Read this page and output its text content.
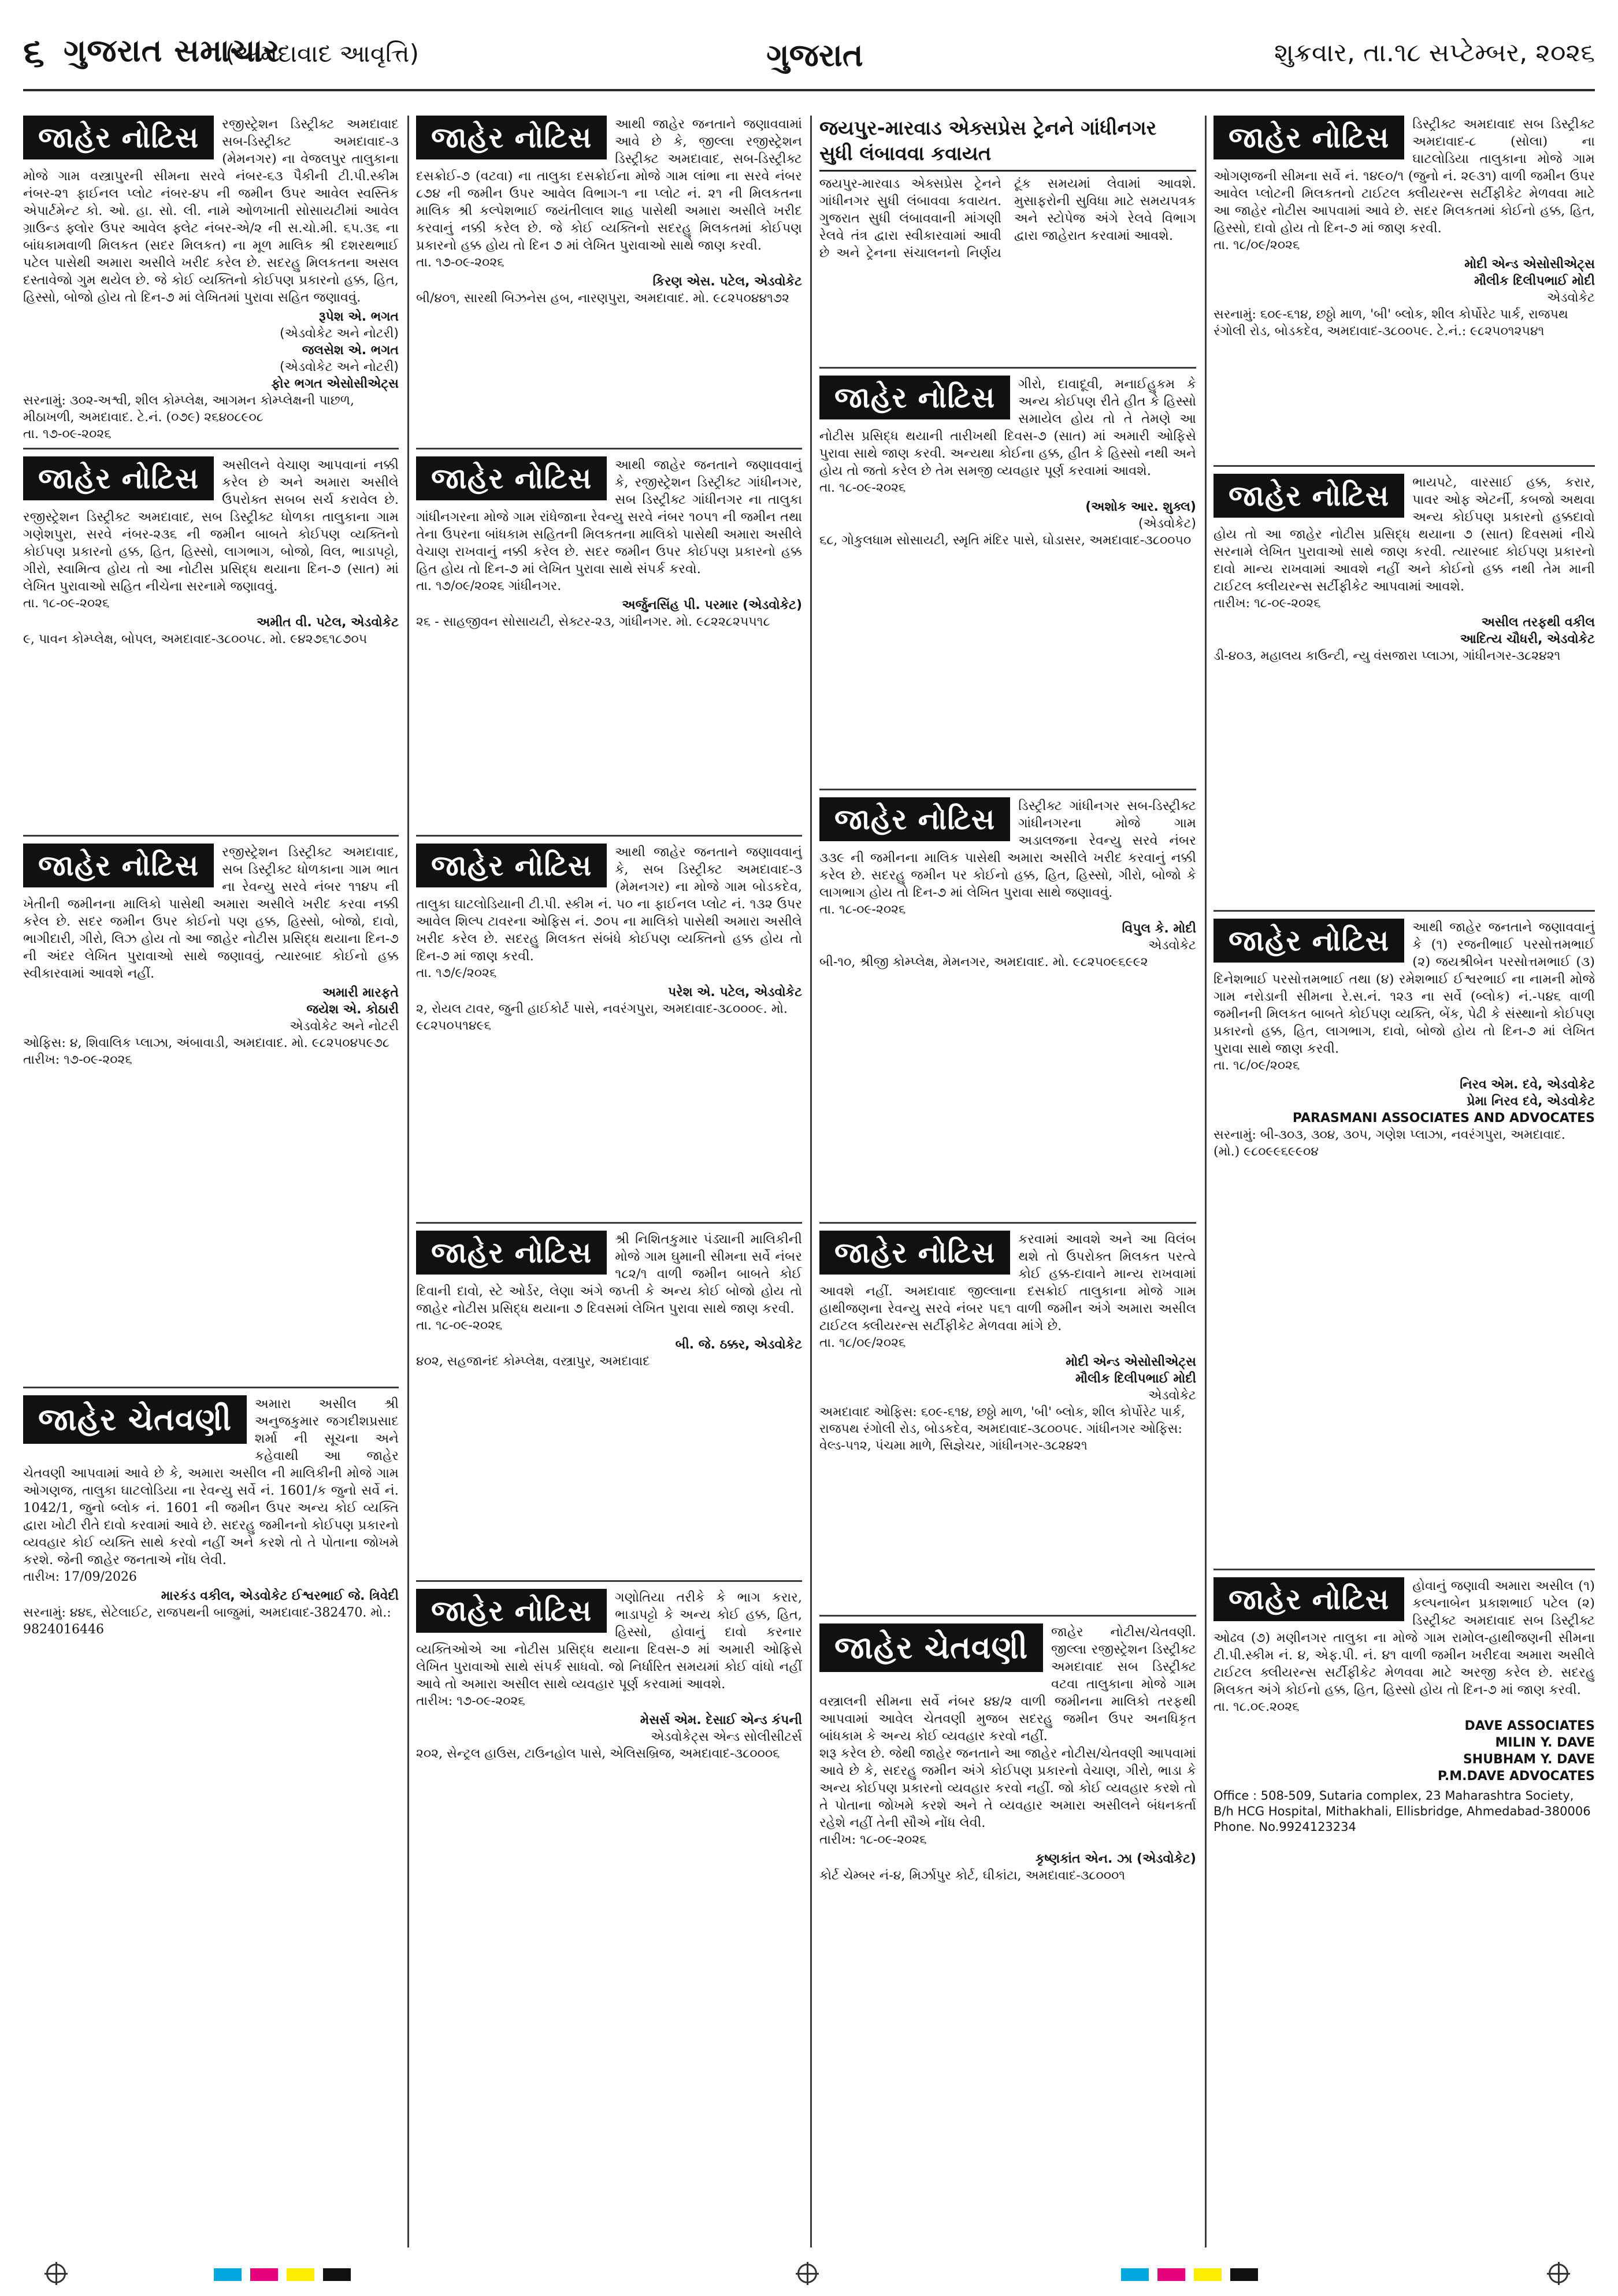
૬ ગુજરાત સમાચાર
(અમદાવાદ આવૃત્તિ)	ગુજરાત	શુક્રવાર, તા.૧૮ સપ્ટેમ્બર, ૨૦૨૬
જાહેર નોટિસ	રજીસ્ટ્રેશન ડિસ્ટ્રીક્ટ અમદાવાદ સબ-ડિસ્ટ્રીક્ટ અમદાવાદ-૩ (મેમનગર) ના વેજલપુર તાલુકાના મોજે ગામ વસ્ત્રાપુરની સીમના સરવે નંબર-૬૩ પૈકીની ટી.પી.સ્કીમ નંબર-૨૧ ફાઈનલ પ્લોટ નંબર-૪૫ ની જમીન ઉપર આવેલ સ્વસ્તિક એપાર્ટમેન્ટ કો. ઓ. હા. સો. લી. નામે ઓળખાતી સોસાયટીમાં આવેલ ગ્રાઉન્ડ ફ્લોર ઉપર આવેલ ફ્લેટ નંબર-એ/૨ ની સ.ચો.મી. ૬૫.૩૬ ના બાંધકામવાળી મિલકત (સદર મિલકત) ના મૂળ માલિક શ્રી દશરથભાઈ પટેલ પાસેથી અમારા અસીલે ખરીદ કરેલ છે. સદરહુ મિલકતના અસલ દસ્તાવેજો ગુમ થયેલ છે. જે કોઈ વ્યક્તિનો કોઈપણ પ્રકારનો હક્ક, હિત, હિસ્સો, બોજો હોય તો દિન-૭ માં લેખિતમાં પુરાવા સહિત જણાવવું.

રૂપેશ એ. ભગત
(એડવોકેટ અને નોટરી)
જલસેશ એ. ભગત
(એડવોકેટ અને નોટરી)
ફોર ભગત એસોસીએટ્સ
સરનામું: ૩૦૨-અશ્વી, શીલ કોમ્પ્લેક્ષ, આગમન કોમ્પ્લેક્ષની પાછળ, મીઠાખળી, અમદાવાદ. ટે.નં. (૦૭૯) ૨૬૪૦૮૯૦૮
તા. ૧૭-૦૯-૨૦૨૬
જાહેર નોટિસ	અસીલને વેચાણ આપવાનાં નક્કી કરેલ છે અને અમારા અસીલે ઉપરોક્ત સબબ સર્ચ કરાવેલ છે. રજીસ્ટ્રેશન ડિસ્ટ્રીક્ટ અમદાવાદ, સબ ડિસ્ટ્રીક્ટ ધોળકા તાલુકાના ગામ ગણેશપુરા, સરવે નંબર-૨૩૬ ની જમીન બાબતે કોઈપણ વ્યક્તિનો કોઈપણ પ્રકારનો હક્ક, હિત, હિસ્સો, લાગભાગ, બોજો, વિલ, ભાડાપટ્ટો, ગીરો, સ્વામિત્વ હોય તો આ નોટીસ પ્રસિદ્ધ થયાના દિન-૭ (સાત) માં લેખિત પુરાવાઓ સહિત નીચેના સરનામે જણાવવું.

તા. ૧૮-૦૯-૨૦૨૬
અમીત વી. પટેલ, એડવોકેટ
૯, પાવન કોમ્પ્લેક્ષ, બોપલ, અમદાવાદ-૩૮૦૦૫૮. મો. ૯૪૨૭૬૧૮૭૦૫
જાહેર નોટિસ	રજીસ્ટ્રેશન ડિસ્ટ્રીક્ટ અમદાવાદ, સબ ડિસ્ટ્રીક્ટ ધોળકાના ગામ ભાત ના રેવન્યુ સરવે નંબર ૧૧૪૫ ની ખેતીની જમીનના માલિકો પાસેથી અમારા અસીલે ખરીદ કરવા નક્કી કરેલ છે. સદર જમીન ઉપર કોઈનો પણ હક્ક, હિસ્સો, બોજો, દાવો, ભાગીદારી, ગીરો, લિઝ હોય તો આ જાહેર નોટીસ પ્રસિદ્ધ થયાના દિન-૭ ની અંદર લેખિત પુરાવાઓ સાથે જણાવવું, ત્યારબાદ કોઈનો હક્ક સ્વીકારવામાં આવશે નહીં.

અમારી મારફતે
જયેશ એ. કોઠારી
એડવોકેટ અને નોટરી
ઓફિસ: ૪, શિવાલિક પ્લાઝા, અંબાવાડી, અમદાવાદ. મો. ૯૮૨૫૦૪૫૯૭૮
તારીખ: ૧૭-૦૯-૨૦૨૬
જાહેર ચેતવણી	અમારા અસીલ શ્રી અનુજકુમાર જગદીશપ્રસાદ શર્મા ની સૂચના અને કહેવાથી આ જાહેર ચેતવણી આપવામાં આવે છે કે, અમારા અસીલ ની માલિકીની મોજે ગામ ઓગણજ, તાલુકા ઘાટલોડિયા ના રેવન્યુ સર્વે નં. 1601/ક જુનો સર્વે નં. 1042/1, જુનો બ્લોક નં. 1601 ની જમીન ઉપર અન્ય કોઈ વ્યક્તિ દ્વારા ખોટી રીતે દાવો કરવામાં આવે છે. સદરહુ જમીનનો કોઈપણ પ્રકારનો વ્યવહાર કોઈ વ્યક્તિ સાથે કરવો નહીં અને કરશે તો તે પોતાના જોખમે કરશે. જેની જાહેર જનતાએ નોંધ લેવી.

તારીખ: 17/09/2026
મારકંડ વકીલ, એડવોકેટ ઈશ્વરભાઈ જે. ત્રિવેદી
સરનામું: ૪૪૬, સેટેલાઈટ, રાજપથની બાજુમાં, અમદાવાદ-382470. મો.: 9824016446
જાહેર નોટિસ	આથી જાહેર જનતાને જણાવવામાં આવે છે કે, જીલ્લા રજીસ્ટ્રેશન ડિસ્ટ્રીક્ટ અમદાવાદ, સબ-ડિસ્ટ્રીક્ટ દસક્રોઈ-૭ (વટવા) ના તાલુકા દસક્રોઈના મોજે ગામ લાંભા ના સરવે નંબર ૮૭૪ ની જમીન ઉપર આવેલ વિભાગ-૧ ના પ્લોટ નં. ૨૧ ની મિલકતના માલિક શ્રી કલ્પેશભાઈ જયંતીલાલ શાહ પાસેથી અમારા અસીલે ખરીદ કરવાનું નક્કી કરેલ છે. જે કોઈ વ્યક્તિનો સદરહુ મિલકતમાં કોઈપણ પ્રકારનો હક્ક હોય તો દિન ૭ માં લેખિત પુરાવાઓ સાથે જાણ કરવી.

તા. ૧૭-૦૯-૨૦૨૬
કિરણ એસ. પટેલ, એડવોકેટ
બી/૪૦૧, સારથી બિઝનેસ હબ, નારણપુરા, અમદાવાદ. મો. ૯૮૨૫૦૪૪૧૭૨
જાહેર નોટિસ	આથી જાહેર જનતાને જણાવવાનું કે, રજીસ્ટ્રેશન ડિસ્ટ્રીક્ટ ગાંધીનગર, સબ ડિસ્ટ્રીક્ટ ગાંધીનગર ના તાલુકા ગાંધીનગરના મોજે ગામ રાંધેજાના રેવન્યુ સરવે નંબર ૧૦૫૧ ની જમીન તથા તેના ઉપરના બાંધકામ સહિતની મિલકતના માલિકો પાસેથી અમારા અસીલે વેચાણ રાખવાનું નક્કી કરેલ છે. સદર જમીન ઉપર કોઈપણ પ્રકારનો હક્ક હિત હોય તો દિન-૭ માં લેખિત પુરાવા સાથે સંપર્ક કરવો.

તા. ૧૭/૦૯/૨૦૨૬ ગાંધીનગર.
અર્જુનસિંહ પી. પરમાર (એડવોકેટ)
૨૬ - સાહજીવન સોસાયટી, સેક્ટર-૨૩, ગાંધીનગર. મો. ૯૮૨૨૮૨૫૫૧૮
જાહેર નોટિસ	આથી જાહેર જનતાને જણાવવાનું કે, સબ ડિસ્ટ્રીક્ટ અમદાવાદ-૩ (મેમનગર) ના મોજે ગામ બોડકદેવ, તાલુકા ઘાટલોડિયાની ટી.પી. સ્કીમ નં. ૫૦ ના ફાઈનલ પ્લોટ નં. ૧૩૨ ઉપર આવેલ શિલ્પ ટાવરના ઓફિસ નં. ૭૦૫ ના માલિકો પાસેથી અમારા અસીલે ખરીદ કરેલ છે. સદરહુ મિલકત સંબંધે કોઈપણ વ્યક્તિનો હક્ક હોય તો દિન-૭ માં જાણ કરવી.

તા. ૧૭/૯/૨૦૨૬
પરેશ એ. પટેલ, એડવોકેટ
૨, રોયલ ટાવર, જુની હાઈકોર્ટ પાસે, નવરંગપુરા, અમદાવાદ-૩૮૦૦૦૯. મો. ૯૮૨૫૦૫૧૪૯૬
જાહેર નોટિસ	શ્રી નિશિતકુમાર પંડ્યાની માલિકીની મોજે ગામ ઘુમાની સીમના સર્વે નંબર ૧૮૨/૧ વાળી જમીન બાબતે કોઈ દિવાની દાવો, સ્ટે ઓર્ડર, લેણા અંગે જપ્તી કે અન્ય કોઈ બોજો હોય તો જાહેર નોટીસ પ્રસિદ્ધ થયાના ૭ દિવસમાં લેખિત પુરાવા સાથે જાણ કરવી.

તા. ૧૮-૦૯-૨૦૨૬
બી. જે. ઠક્કર, એડવોકેટ
૪૦૨, સહજાનંદ કોમ્પ્લેક્ષ, વસ્ત્રાપુર, અમદાવાદ
જાહેર નોટિસ	ગણોતિયા તરીકે કે ભાગ કરાર, ભાડાપટ્ટો કે અન્ય કોઈ હક્ક, હિત, હિસ્સો, હોવાનું દાવો કરનાર વ્યક્તિઓએ આ નોટીસ પ્રસિદ્ધ થયાના દિવસ-૭ માં અમારી ઓફિસે લેખિત પુરાવાઓ સાથે સંપર્ક સાધવો. જો નિર્ધારિત સમયમાં કોઈ વાંધો નહીં આવે તો અમારા અસીલ સાથે વ્યવહાર પૂર્ણ કરવામાં આવશે.

તારીખ: ૧૭-૦૯-૨૦૨૬
મેસર્સ એમ. દેસાઈ એન્ડ કંપની
એડવોકેટ્સ એન્ડ સોલીસીટર્સ
૨૦૨, સેન્ટ્રલ હાઉસ, ટાઉનહોલ પાસે, એલિસબ્રિજ, અમદાવાદ-૩૮૦૦૦૬
જયપુર-મારવાડ એક્સપ્રેસ ટ્રેનને ગાંધીનગર સુધી લંબાવવા કવાયત

જયપુર-મારવાડ એક્સપ્રેસ ટ્રેનને ગાંધીનગર સુધી લંબાવવા કવાયત. ગુજરાત સુધી લંબાવવાની માંગણી રેલવે તંત્ર દ્વારા સ્વીકારવામાં આવી છે અને ટ્રેનના સંચાલનનો નિર્ણય ટૂંક સમયમાં લેવામાં આવશે. મુસાફરોની સુવિધા માટે સમયપત્રક અને સ્ટોપેજ અંગે રેલવે વિભાગ દ્વારા જાહેરાત કરવામાં આવશે.

જાહેર નોટિસ	ગીરો, દાવાદૂવી, મનાઈહુકમ કે અન્ય કોઈપણ રીતે હીત કે હિસ્સો સમાયેલ હોય તો તે તેમણે આ નોટીસ પ્રસિદ્ધ થયાની તારીખથી દિવસ-૭ (સાત) માં અમારી ઓફિસે પુરાવા સાથે જાણ કરવી. અન્યથા કોઈના હક્ક, હીત કે હિસ્સો નથી અને હોય તો જતો કરેલ છે તેમ સમજી વ્યવહાર પૂર્ણ કરવામાં આવશે.

તા. ૧૮-૦૯-૨૦૨૬
(અશોક આર. શુક્લ)
(એડવોકેટ)
૬૮, ગોકુલધામ સોસાયટી, સ્મૃતિ મંદિર પાસે, ઘોડાસર, અમદાવાદ-૩૮૦૦૫૦
જાહેર નોટિસ	ડિસ્ટ્રીક્ટ ગાંધીનગર સબ-ડિસ્ટ્રીક્ટ ગાંધીનગરના મોજે ગામ અડાલજના રેવન્યુ સરવે નંબર ૩૩૯ ની જમીનના માલિક પાસેથી અમારા અસીલે ખરીદ કરવાનું નક્કી કરેલ છે. સદરહુ જમીન પર કોઈનો હક્ક, હિત, હિસ્સો, ગીરો, બોજો કે લાગભાગ હોય તો દિન-૭ માં લેખિત પુરાવા સાથે જણાવવું.

તા. ૧૮-૦૯-૨૦૨૬
વિપુલ કે. મોદી
એડવોકેટ
બી-૧૦, શ્રીજી કોમ્પ્લેક્ષ, મેમનગર, અમદાવાદ. મો. ૯૮૨૫૦૯૬૯૯૨
જાહેર નોટિસ	કરવામાં આવશે અને આ વિલંબ થશે તો ઉપરોક્ત મિલકત પરત્વે કોઈ હક્ક-દાવાને માન્ય રાખવામાં આવશે નહીં. અમદાવાદ જીલ્લાના દસક્રોઈ તાલુકાના મોજે ગામ હાથીજણના રેવન્યુ સરવે નંબર ૫૬૧ વાળી જમીન અંગે અમારા અસીલ ટાઈટલ ક્લીયરન્સ સર્ટીફીકેટ મેળવવા માંગે છે.

તા. ૧૮/૦૯/૨૦૨૬
મોદી એન્ડ એસોસીએટ્સ
મૌલીક દિલીપભાઈ મોદી
એડવોકેટ
અમદાવાદ ઓફિસ: ૬૦૯-૬૧૪, છઠ્ઠો માળ, 'બી' બ્લોક, શીલ કોર્પોરેટ પાર્ક, રાજપથ રંગોલી રોડ, બોડકદેવ, અમદાવાદ-૩૮૦૦૫૯. ગાંધીનગર ઓફિસ: વેલ્ડ-૫૧૨, પંચમા માળે, સિજ્ઞેચર, ગાંધીનગર-૩૮૨૪૨૧
જાહેર ચેતવણી	જાહેર નોટીસ/ચેતવણી. જીલ્લા રજીસ્ટ્રેશન ડિસ્ટ્રીક્ટ અમદાવાદ સબ ડિસ્ટ્રીક્ટ વટવા તાલુકાના મોજે ગામ વસ્ત્રાલની સીમના સર્વે નંબર ૪૪/૨ વાળી જમીનના માલિકો તરફથી આપવામાં આવેલ ચેતવણી મુજબ સદરહુ જમીન ઉપર અનધિકૃત બાંધકામ કે અન્ય કોઈ વ્યવહાર કરવો નહીં.

શરૂ કરેલ છે. જેથી જાહેર જનતાને આ જાહેર નોટીસ/ચેતવણી આપવામાં આવે છે કે, સદરહુ જમીન અંગે કોઈપણ પ્રકારનો વેચાણ, ગીરો, ભાડા કે અન્ય કોઈપણ પ્રકારનો વ્યવહાર કરવો નહીં. જો કોઈ વ્યવહાર કરશે તો તે પોતાના જોખમે કરશે અને તે વ્યવહાર અમારા અસીલને બંધનકર્તા રહેશે નહીં તેની સૌએ નોંધ લેવી.

તારીખ: ૧૮-૦૯-૨૦૨૬
કૃષ્ણકાંત એન. ઝા (એડવોકેટ)
કોર્ટ ચેમ્બર નં-૪, મિર્ઝાપુર કોર્ટ, ઘીકાંટા, અમદાવાદ-૩૮૦૦૦૧
જાહેર નોટિસ	ડિસ્ટ્રીક્ટ અમદાવાદ સબ ડિસ્ટ્રીક્ટ અમદાવાદ-૮ (સોલા) ના ઘાટલોડિયા તાલુકાના મોજે ગામ ઓગણજની સીમના સર્વે નં. ૧૪૯૦/૧ (જુનો નં. ૨૯૩૧) વાળી જમીન ઉપર આવેલ પ્લોટની મિલકતનો ટાઈટલ ક્લીયરન્સ સર્ટીફીકેટ મેળવવા માટે આ જાહેર નોટીસ આપવામાં આવે છે. સદર મિલકતમાં કોઈનો હક્ક, હિત, હિસ્સો, દાવો હોય તો દિન-૭ માં જાણ કરવી.

તા. ૧૮/૦૯/૨૦૨૬
મોદી એન્ડ એસોસીએટ્સ
મૌલીક દિલીપભાઈ મોદી
એડવોકેટ
સરનામું: ૬૦૯-૬૧૪, છઠ્ઠો માળ, 'બી' બ્લોક, શીલ કોર્પોરેટ પાર્ક, રાજપથ રંગોલી રોડ, બોડકદેવ, અમદાવાદ-૩૮૦૦૫૯. ટે.નં.: ૯૮૨૫૦૧૨૫૪૧
જાહેર નોટિસ	ભાયપટે, વારસાઈ હક્ક, કરાર, પાવર ઓફ એટર્ની, કબજો અથવા અન્ય કોઈપણ પ્રકારનો હક્કદાવો હોય તો આ જાહેર નોટીસ પ્રસિદ્ધ થયાના ૭ (સાત) દિવસમાં નીચે સરનામે લેખિત પુરાવાઓ સાથે જાણ કરવી. ત્યારબાદ કોઈપણ પ્રકારનો દાવો માન્ય રાખવામાં આવશે નહીં અને કોઈનો હક્ક નથી તેમ માની ટાઈટલ ક્લીયરન્સ સર્ટીફીકેટ આપવામાં આવશે.

તારીખ: ૧૮-૦૯-૨૦૨૬
અસીલ તરફથી વકીલ
આદિત્ય ચૌધરી, એડવોકેટ
ડી-૪૦૩, મહાલય કાઉન્ટી, ન્યુ વંસજારા પ્લાઝા, ગાંધીનગર-૩૮૨૪૨૧
જાહેર નોટિસ	આથી જાહેર જનતાને જણાવવાનું કે (૧) રજનીભાઈ પરસોત્તમભાઈ (૨) જયશ્રીબેન પરસોત્તમભાઈ (૩) દિનેશભાઈ પરસોત્તમભાઈ તથા (૪) રમેશભાઈ ઈશ્વરભાઈ ના નામની મોજે ગામ નરોડાની સીમના રે.સ.નં. ૧૨૩ ના સર્વે (બ્લોક) નં.-૫૪૬ વાળી જમીનની મિલકત બાબતે કોઈપણ વ્યક્તિ, બેંક, પેઢી કે સંસ્થાનો કોઈપણ પ્રકારનો હક્ક, હિત, લાગભાગ, દાવો, બોજો હોય તો દિન-૭ માં લેખિત પુરાવા સાથે જાણ કરવી.

તા. ૧૮/૦૯/૨૦૨૬
નિરવ એમ. દવે, એડવોકેટ
પ્રેમા નિરવ દવે, એડવોકેટ
PARASMANI ASSOCIATES AND ADVOCATES
સરનામું: બી-૩૦૩, ૩૦૪, ૩૦૫, ગણેશ પ્લાઝા, નવરંગપુરા, અમદાવાદ. (મો.) ૯૮૦૯૯૬૯૯૦૪
જાહેર નોટિસ	હોવાનું જણાવી અમારા અસીલ (૧) કલ્પનાબેન પ્રકાશભાઈ પટેલ (૨) ડિસ્ટ્રીક્ટ અમદાવાદ સબ ડિસ્ટ્રીક્ટ ઓઢવ (૭) મણીનગર તાલુકા ના મોજે ગામ રામોલ-હાથીજણની સીમના ટી.પી.સ્કીમ નં. ૪, એફ.પી. નં. ૪૧ વાળી જમીન ખરીદવા અમારા અસીલે ટાઈટલ ક્લીયરન્સ સર્ટીફીકેટ મેળવવા માટે અરજી કરેલ છે. સદરહુ મિલકત અંગે કોઈનો હક્ક, હિત, હિસ્સો હોય તો દિન-૭ માં જાણ કરવી.

તા. ૧૮.૦૯.૨૦૨૬
DAVE ASSOCIATES
MILIN Y. DAVE
SHUBHAM Y. DAVE
P.M.DAVE ADVOCATES
Office : 508-509, Sutaria complex, 23 Maharashtra Society, B/h HCG Hospital, Mithakhali, Ellisbridge, Ahmedabad-380006 Phone. No.9924123234
